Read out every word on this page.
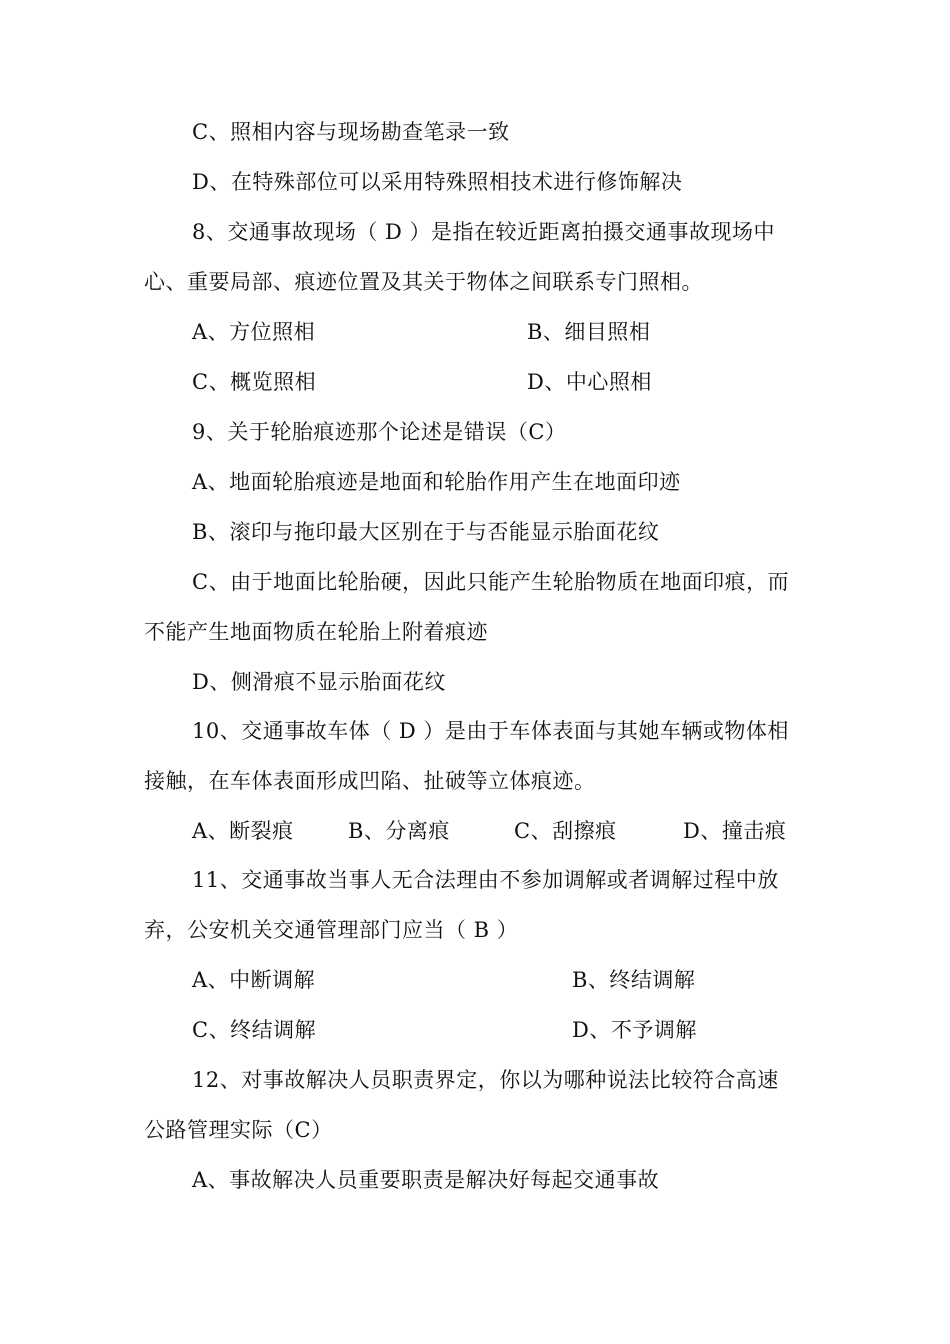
C、照相内容与现场勘查笔录一致
D、在特殊部位可以采用特殊照相技术进行修饰解决
8、交通事故现场（ D ）是指在较近距离拍摄交通事故现场中
心、重要局部、痕迹位置及其关于物体之间联系专门照相。
A、方位照相	B、细目照相
C、概览照相	D、中心照相
9、关于轮胎痕迹那个论述是错误（C）
A、地面轮胎痕迹是地面和轮胎作用产生在地面印迹
B、滚印与拖印最大区别在于与否能显示胎面花纹
C、由于地面比轮胎硬，因此只能产生轮胎物质在地面印痕，而
不能产生地面物质在轮胎上附着痕迹
D、侧滑痕不显示胎面花纹
10、交通事故车体（ D ）是由于车体表面与其她车辆或物体相
接触，在车体表面形成凹陷、扯破等立体痕迹。
A、断裂痕	B、分离痕	C、刮擦痕	D、撞击痕
11、交通事故当事人无合法理由不参加调解或者调解过程中放
弃，公安机关交通管理部门应当（ B ）
A、中断调解	B、终结调解
C、终结调解	D、不予调解
12、对事故解决人员职责界定，你以为哪种说法比较符合高速
公路管理实际（C）
A、事故解决人员重要职责是解决好每起交通事故
